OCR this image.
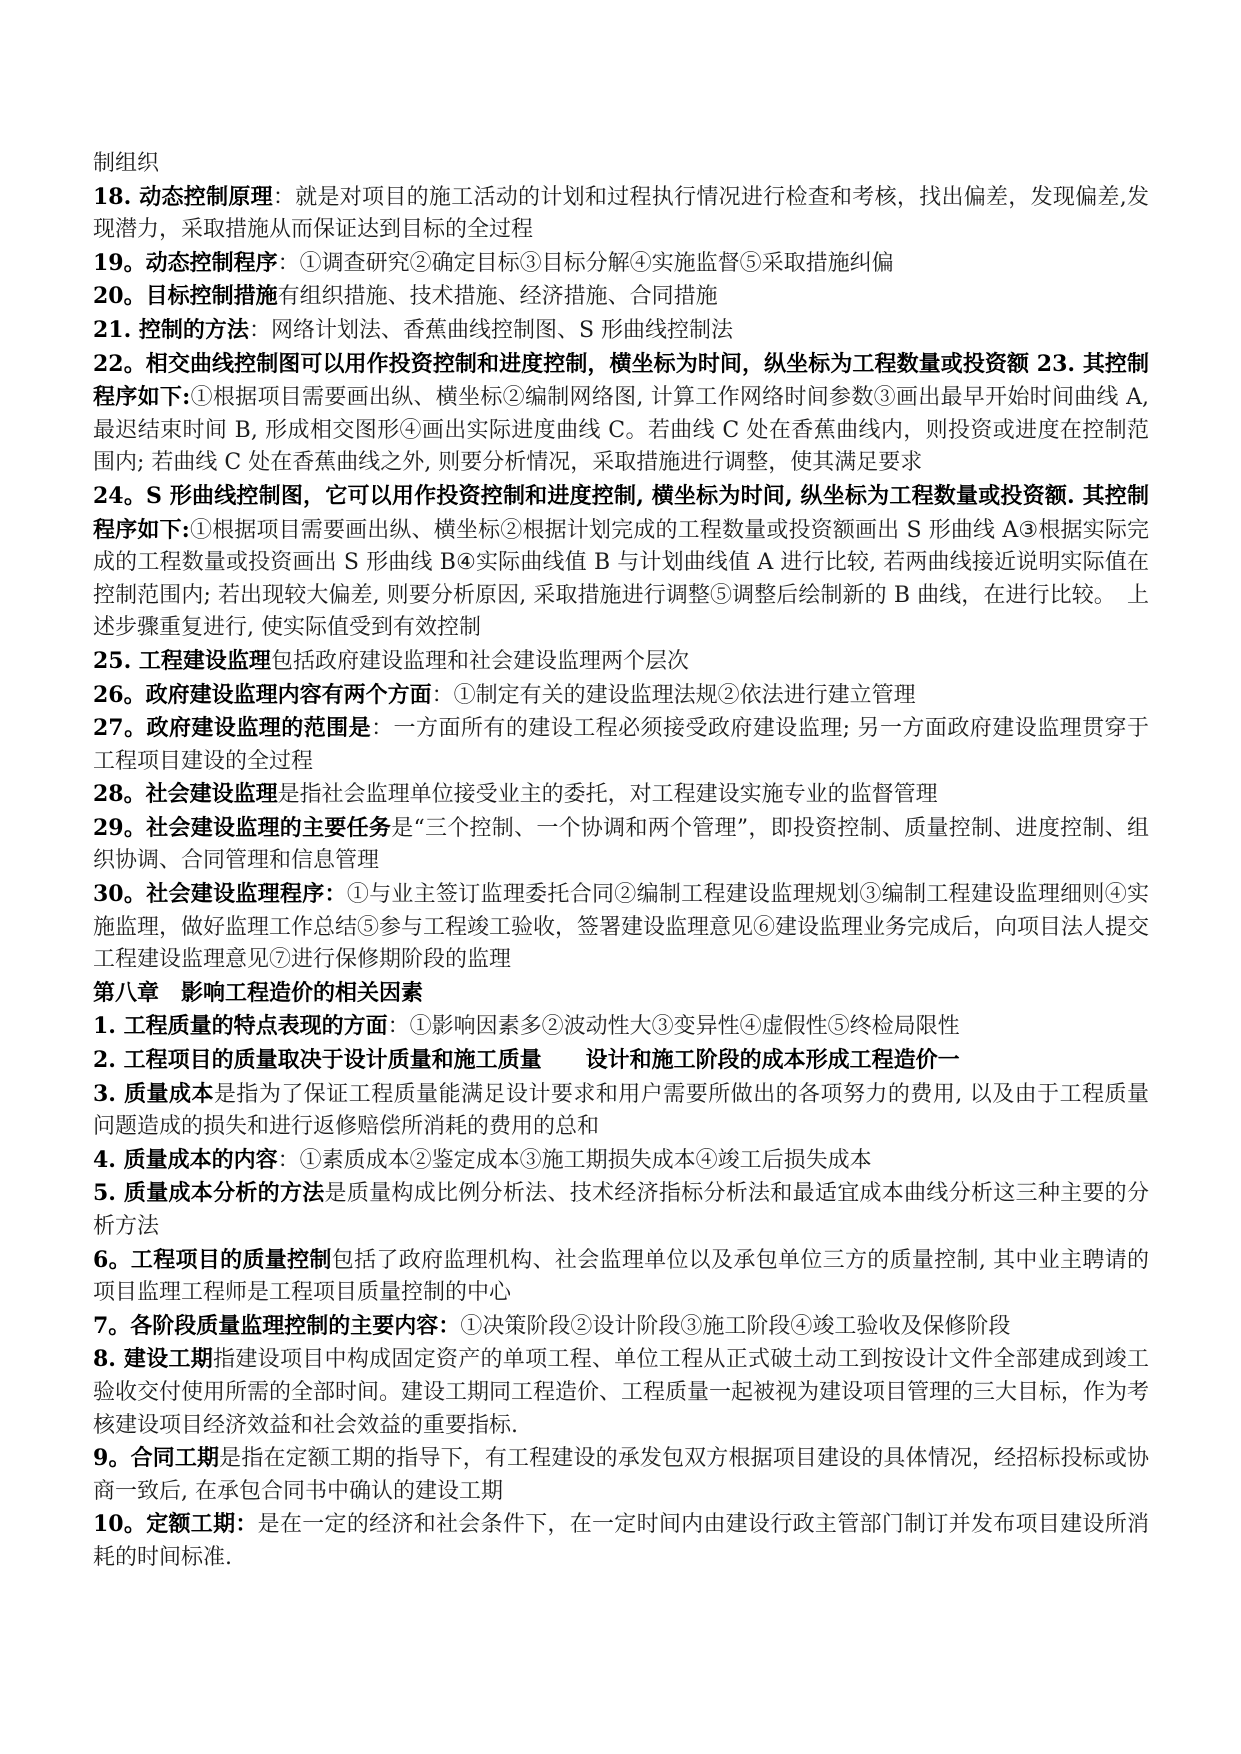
制组织

18. 动态控制原理：就是对项目的施工活动的计划和过程执行情况进行检查和考核，找出偏差，发现偏差,发现潜力，采取措施从而保证达到目标的全过程

19。动态控制程序：①调查研究②确定目标③目标分解④实施监督⑤采取措施纠偏

20。目标控制措施有组织措施、技术措施、经济措施、合同措施

21. 控制的方法：网络计划法、香蕉曲线控制图、S 形曲线控制法

22。相交曲线控制图可以用作投资控制和进度控制，横坐标为时间，纵坐标为工程数量或投资额 23. 其控制程序如下:①根据项目需要画出纵、横坐标②编制网络图, 计算工作网络时间参数③画出最早开始时间曲线 A, 最迟结束时间 B, 形成相交图形④画出实际进度曲线 C。若曲线 C 处在香蕉曲线内，则投资或进度在控制范围内; 若曲线 C 处在香蕉曲线之外, 则要分析情况，采取措施进行调整，使其满足要求

24。S 形曲线控制图，它可以用作投资控制和进度控制, 横坐标为时间, 纵坐标为工程数量或投资额. 其控制程序如下:①根据项目需要画出纵、横坐标②根据计划完成的工程数量或投资额画出 S 形曲线 A③根据实际完成的工程数量或投资画出 S 形曲线 B④实际曲线值 B 与计划曲线值 A 进行比较, 若两曲线接近说明实际值在控制范围内; 若出现较大偏差, 则要分析原因, 采取措施进行调整⑤调整后绘制新的 B 曲线，在进行比较。　上述步骤重复进行, 使实际值受到有效控制

25. 工程建设监理包括政府建设监理和社会建设监理两个层次

26。政府建设监理内容有两个方面：①制定有关的建设监理法规②依法进行建立管理

27。政府建设监理的范围是：一方面所有的建设工程必须接受政府建设监理; 另一方面政府建设监理贯穿于工程项目建设的全过程

28。社会建设监理是指社会监理单位接受业主的委托，对工程建设实施专业的监督管理

29。社会建设监理的主要任务是“三个控制、一个协调和两个管理”，即投资控制、质量控制、进度控制、组织协调、合同管理和信息管理

30。社会建设监理程序：①与业主签订监理委托合同②编制工程建设监理规划③编制工程建设监理细则④实施监理，做好监理工作总结⑤参与工程竣工验收，签署建设监理意见⑥建设监理业务完成后，向项目法人提交工程建设监理意见⑦进行保修期阶段的监理

第八章　影响工程造价的相关因素

1. 工程质量的特点表现的方面：①影响因素多②波动性大③变异性④虚假性⑤终检局限性

2. 工程项目的质量取决于设计质量和施工质量　　设计和施工阶段的成本形成工程造价一

3. 质量成本是指为了保证工程质量能满足设计要求和用户需要所做出的各项努力的费用, 以及由于工程质量问题造成的损失和进行返修赔偿所消耗的费用的总和

4. 质量成本的内容：①素质成本②鉴定成本③施工期损失成本④竣工后损失成本

5. 质量成本分析的方法是质量构成比例分析法、技术经济指标分析法和最适宜成本曲线分析这三种主要的分析方法

6。工程项目的质量控制包括了政府监理机构、社会监理单位以及承包单位三方的质量控制, 其中业主聘请的项目监理工程师是工程项目质量控制的中心

7。各阶段质量监理控制的主要内容：①决策阶段②设计阶段③施工阶段④竣工验收及保修阶段

8. 建设工期指建设项目中构成固定资产的单项工程、单位工程从正式破土动工到按设计文件全部建成到竣工验收交付使用所需的全部时间。建设工期同工程造价、工程质量一起被视为建设项目管理的三大目标，作为考核建设项目经济效益和社会效益的重要指标.

9。合同工期是指在定额工期的指导下，有工程建设的承发包双方根据项目建设的具体情况，经招标投标或协商一致后, 在承包合同书中确认的建设工期

10。定额工期：是在一定的经济和社会条件下，在一定时间内由建设行政主管部门制订并发布项目建设所消耗的时间标准.
